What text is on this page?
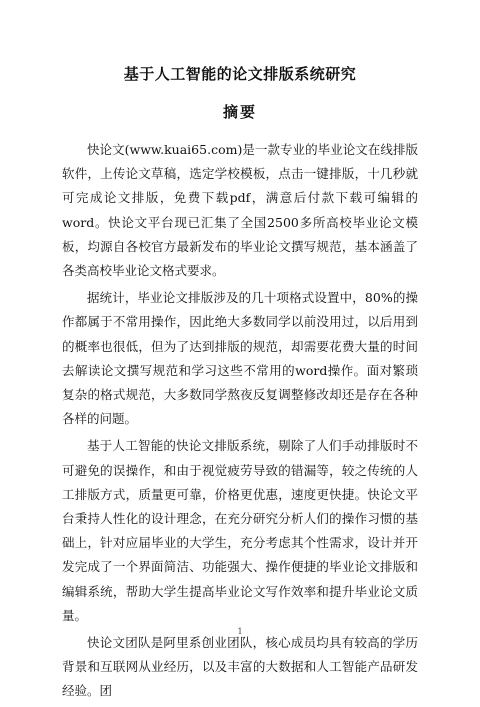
基于人工智能的论文排版系统研究
摘要

快论文(www.kuai65.com)是一款专业的毕业论文在线排版软件，上传论文草稿，选定学校模板，点击一键排版，十几秒就可完成论文排版，免费下载pdf，满意后付款下载可编辑的word。快论文平台现已汇集了全国2500多所高校毕业论文模板，均源自各校官方最新发布的毕业论文撰写规范，基本涵盖了各类高校毕业论文格式要求。

据统计，毕业论文排版涉及的几十项格式设置中，80%的操作都属于不常用操作，因此绝大多数同学以前没用过，以后用到的概率也很低，但为了达到排版的规范，却需要花费大量的时间去解读论文撰写规范和学习这些不常用的word操作。面对繁琐复杂的格式规范，大多数同学熬夜反复调整修改却还是存在各种各样的问题。

基于人工智能的快论文排版系统，剔除了人们手动排版时不可避免的误操作，和由于视觉疲劳导致的错漏等，较之传统的人工排版方式，质量更可靠，价格更优惠，速度更快捷。快论文平台秉持人性化的设计理念，在充分研究分析人们的操作习惯的基础上，针对应届毕业的大学生，充分考虑其个性需求，设计并开发完成了一个界面简洁、功能强大、操作便捷的毕业论文排版和编辑系统，帮助大学生提高毕业论文写作效率和提升毕业论文质量。

快论文团队是阿里系创业团队，核心成员均具有较高的学历背景和互联网从业经历，以及丰富的大数据和人工智能产品研发经验。团

1
